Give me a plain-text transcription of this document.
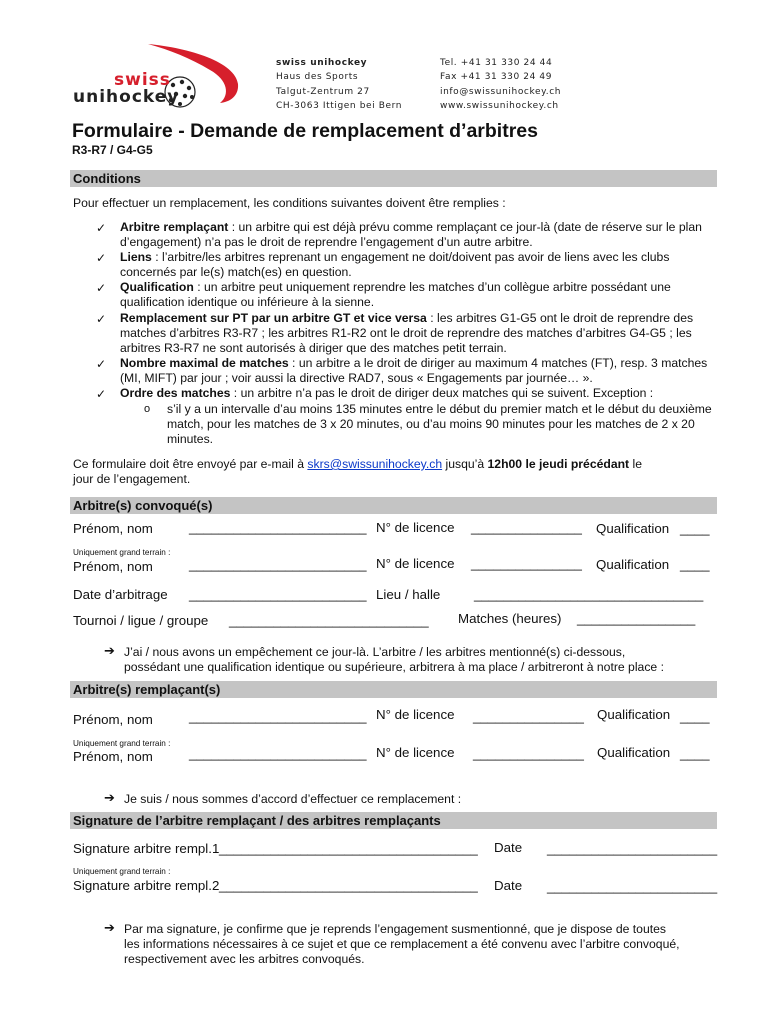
swiss
unihockey
swiss unihockey
Haus des Sports
Talgut-Zentrum 27
CH-3063 Ittigen bei Bern
Tel. +41 31 330 24 44
Fax +41 31 330 24 49
info@swissunihockey.ch
www.swissunihockey.ch
Formulaire - Demande de remplacement d’arbitres
R3-R7 / G4-G5
Conditions
Pour effectuer un remplacement, les conditions suivantes doivent être remplies :
✓ Arbitre remplaçant : un arbitre qui est déjà prévu comme remplaçant ce jour-là (date de réserve sur le plan d’engagement) n’a pas le droit de reprendre l’engagement d’un autre arbitre.
✓ Liens : l’arbitre/les arbitres reprenant un engagement ne doit/doivent pas avoir de liens avec les clubs concernés par le(s) match(es) en question.
✓ Qualification : un arbitre peut uniquement reprendre les matches d’un collègue arbitre possédant une qualification identique ou inférieure à la sienne.
✓ Remplacement sur PT par un arbitre GT et vice versa : les arbitres G1-G5 ont le droit de reprendre des matches d’arbitres R3-R7 ; les arbitres R1-R2 ont le droit de reprendre des matches d’arbitres G4-G5 ; les arbitres R3-R7 ne sont autorisés à diriger que des matches petit terrain.
✓ Nombre maximal de matches : un arbitre a le droit de diriger au maximum 4 matches (FT), resp. 3 matches (MI, MIFT) par jour ; voir aussi la directive RAD7, sous « Engagements par journée… ».
✓ Ordre des matches : un arbitre n’a pas le droit de diriger deux matches qui se suivent. Exception :
o s’il y a un intervalle d’au moins 135 minutes entre le début du premier match et le début du deuxième match, pour les matches de 3 x 20 minutes, ou d’au moins 90 minutes pour les matches de 2 x 20 minutes.
Ce formulaire doit être envoyé par e-mail à skrs@swissunihockey.ch jusqu’à 12h00 le jeudi précédant le
jour de l’engagement.
Arbitre(s) convoqué(s)
Prénom, nom	________________________ N° de licence _______________ Qualification ____
Uniquement grand terrain :
Prénom, nom	________________________ N° de licence _______________ Qualification ____
Date d’arbitrage ________________________ Lieu / halle	_______________________________
Tournoi / ligue / groupe ___________________________ Matches (heures) ________________
➔ J’ai / nous avons un empêchement ce jour-là. L’arbitre / les arbitres mentionné(s) ci-dessous,
possédant une qualification identique ou supérieure, arbitrera à ma place / arbitreront à notre place :
Arbitre(s) remplaçant(s)
Prénom, nom	________________________ N° de licence _______________ Qualification ____
Uniquement grand terrain :
Prénom, nom	________________________ N° de licence _______________ Qualification ____
➔ Je suis / nous sommes d’accord d’effectuer ce remplacement :
Signature de l’arbitre remplaçant / des arbitres remplaçants
Signature arbitre rempl.1 ___________________________________ Date _______________________
Uniquement grand terrain :
Signature arbitre rempl.2 ___________________________________ Date _______________________
➔ Par ma signature, je confirme que je reprends l’engagement susmentionné, que je dispose de toutes
les informations nécessaires à ce sujet et que ce remplacement a été convenu avec l’arbitre convoqué,
respectivement avec les arbitres convoqués.
